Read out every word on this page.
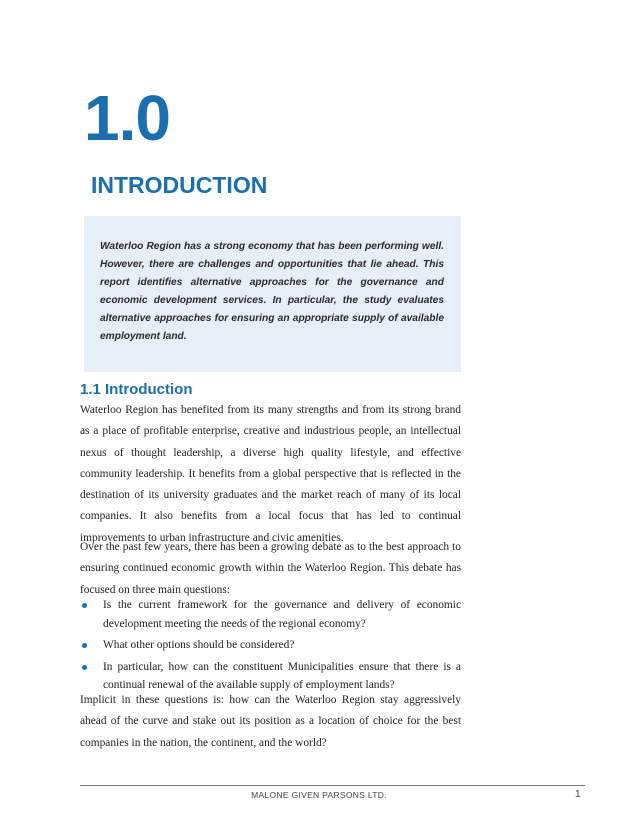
1.0
INTRODUCTION

Waterloo Region has a strong economy that has been performing well. However, there are challenges and opportunities that lie ahead. This report identifies alternative approaches for the governance and economic development services. In particular, the study evaluates alternative approaches for ensuring an appropriate supply of available employment land.

1.1 Introduction

Waterloo Region has benefited from its many strengths and from its strong brand as a place of profitable enterprise, creative and industrious people, an intellectual nexus of thought leadership, a diverse high quality lifestyle, and effective community leadership. It benefits from a global perspective that is reflected in the destination of its university graduates and the market reach of many of its local companies. It also benefits from a local focus that has led to continual improvements to urban infrastructure and civic amenities.

Over the past few years, there has been a growing debate as to the best approach to ensuring continued economic growth within the Waterloo Region. This debate has focused on three main questions:

Is the current framework for the governance and delivery of economic development meeting the needs of the regional economy?
What other options should be considered?
In particular, how can the constituent Municipalities ensure that there is a continual renewal of the available supply of employment lands?

Implicit in these questions is: how can the Waterloo Region stay aggressively ahead of the curve and stake out its position as a location of choice for the best companies in the nation, the continent, and the world?

MALONE GIVEN PARSONS LTD.	1
